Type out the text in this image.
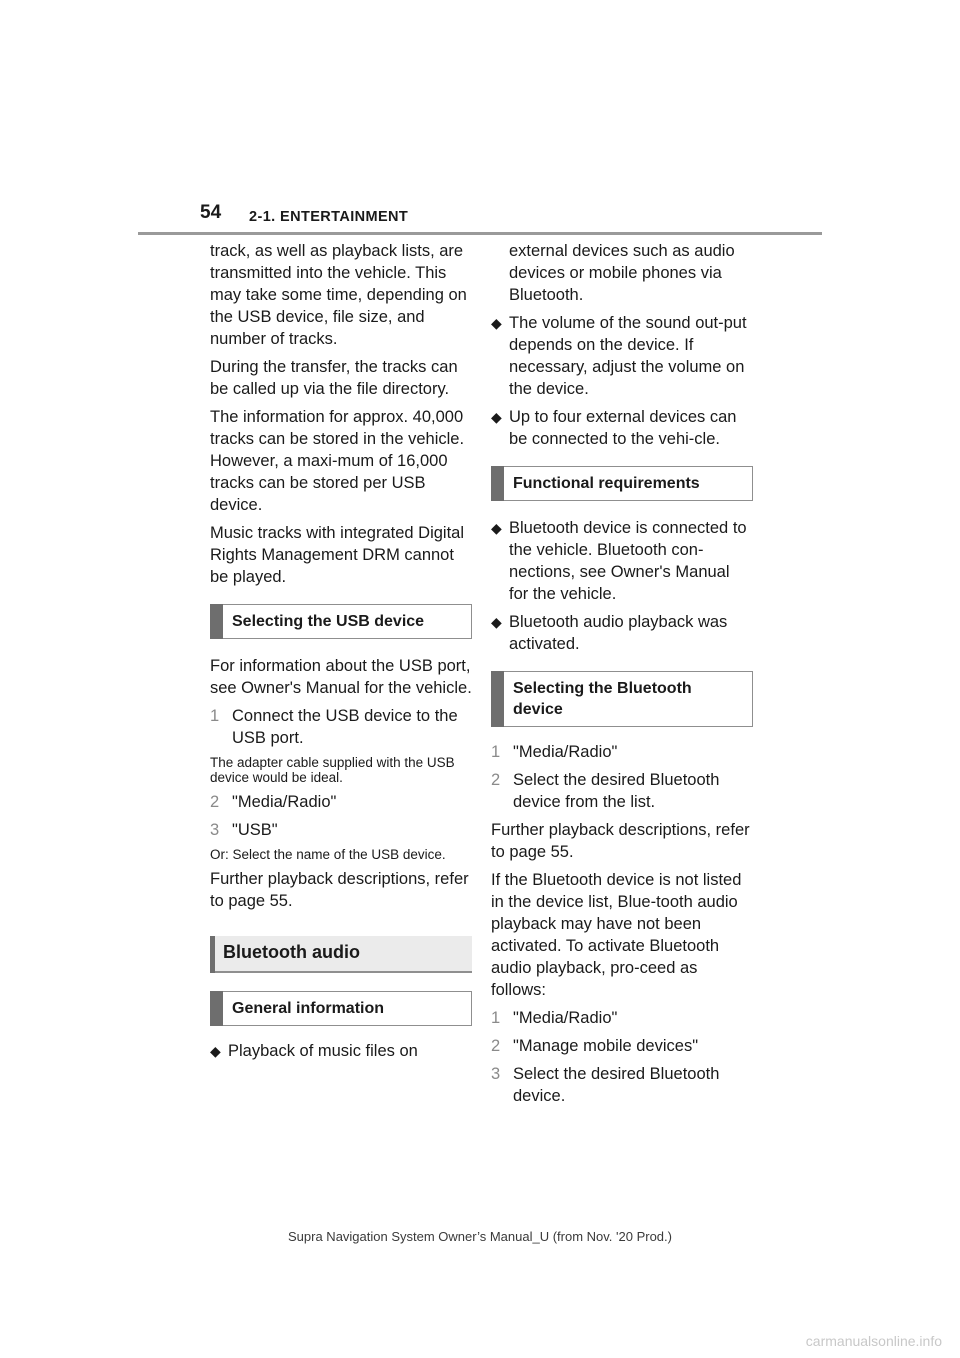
54 2-1. ENTERTAINMENT

track, as well as playback lists, are transmitted into the vehicle. This may take some time, depending on the USB device, file size, and number of tracks.

During the transfer, the tracks can be called up via the file directory.

The information for approx. 40,000 tracks can be stored in the vehicle. However, a maxi-mum of 16,000 tracks can be stored per USB device.

Music tracks with integrated Digital Rights Management DRM cannot be played.

Selecting the USB device

For information about the USB port, see Owner's Manual for the vehicle.

1 Connect the USB device to the USB port.

The adapter cable supplied with the USB device would be ideal.

2 "Media/Radio"
3 "USB"

Or: Select the name of the USB device.

Further playback descriptions, refer to page 55.

Bluetooth audio
General information
◆ Playback of music files on

external devices such as audio devices or mobile phones via Bluetooth.

◆ The volume of the sound out-put depends on the device. If necessary, adjust the volume on the device.
◆ Up to four external devices can be connected to the vehi-cle.
Functional requirements
◆ Bluetooth device is connected to the vehicle. Bluetooth con-nections, see Owner's Manual for the vehicle.
◆ Bluetooth audio playback was activated.
Selecting the Bluetooth device
1 "Media/Radio"
2 Select the desired Bluetooth device from the list.

Further playback descriptions, refer to page 55.

If the Bluetooth device is not listed in the device list, Blue-tooth audio playback may have not been activated. To activate Bluetooth audio playback, pro-ceed as follows:

1 "Media/Radio"
2 "Manage mobile devices"
3 Select the desired Bluetooth device.
Supra Navigation System Owner’s Manual_U (from Nov. '20 Prod.)
carmanualsonline.info
